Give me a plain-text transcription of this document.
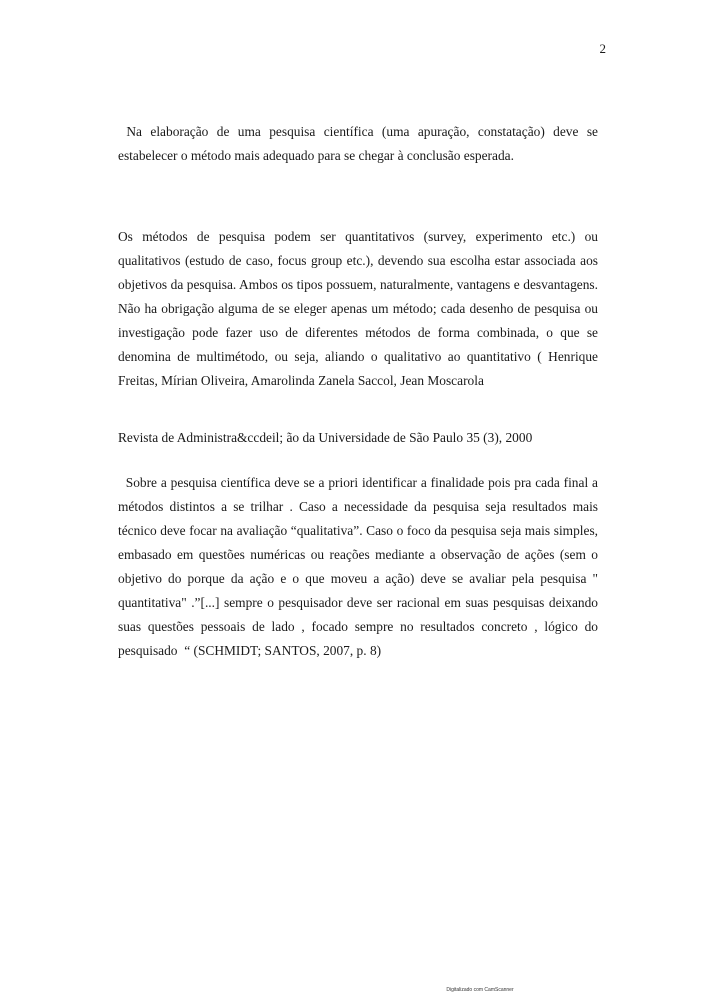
2

Na elaboração de uma pesquisa científica (uma apuração, constatação) deve se estabelecer o método mais adequado para se chegar à conclusão esperada.

Os métodos de pesquisa podem ser quantitativos (survey, experimento etc.) ou qualitativos (estudo de caso, focus group etc.), devendo sua escolha estar associada aos objetivos da pesquisa. Ambos os tipos possuem, naturalmente, vantagens e desvantagens. Não ha obrigação alguma de se eleger apenas um método; cada desenho de pesquisa ou investigação pode fazer uso de diferentes métodos de forma combinada, o que se denomina de multimétodo, ou seja, aliando o qualitativo ao quantitativo ( Henrique Freitas, Mírian Oliveira, Amarolinda Zanela Saccol, Jean Moscarola

Revista de Administra&ccdeil; ão da Universidade de São Paulo 35 (3), 2000

Sobre a pesquisa científica deve se a priori identificar a finalidade pois pra cada final a métodos distintos a se trilhar . Caso a necessidade da pesquisa seja resultados mais técnico deve focar na avaliação “qualitativa”. Caso o foco da pesquisa seja mais simples, embasado em questões numéricas ou reações mediante a observação de ações (sem o objetivo do porque da ação e o que moveu a ação) deve se avaliar pela pesquisa " quantitativa" .”[...] sempre o pesquisador deve ser racional em suas pesquisas deixando suas questões pessoais de lado , focado sempre no resultados concreto , lógico do pesquisado  “ (SCHMIDT; SANTOS, 2007, p. 8)

Digitalizado com CamScanner
